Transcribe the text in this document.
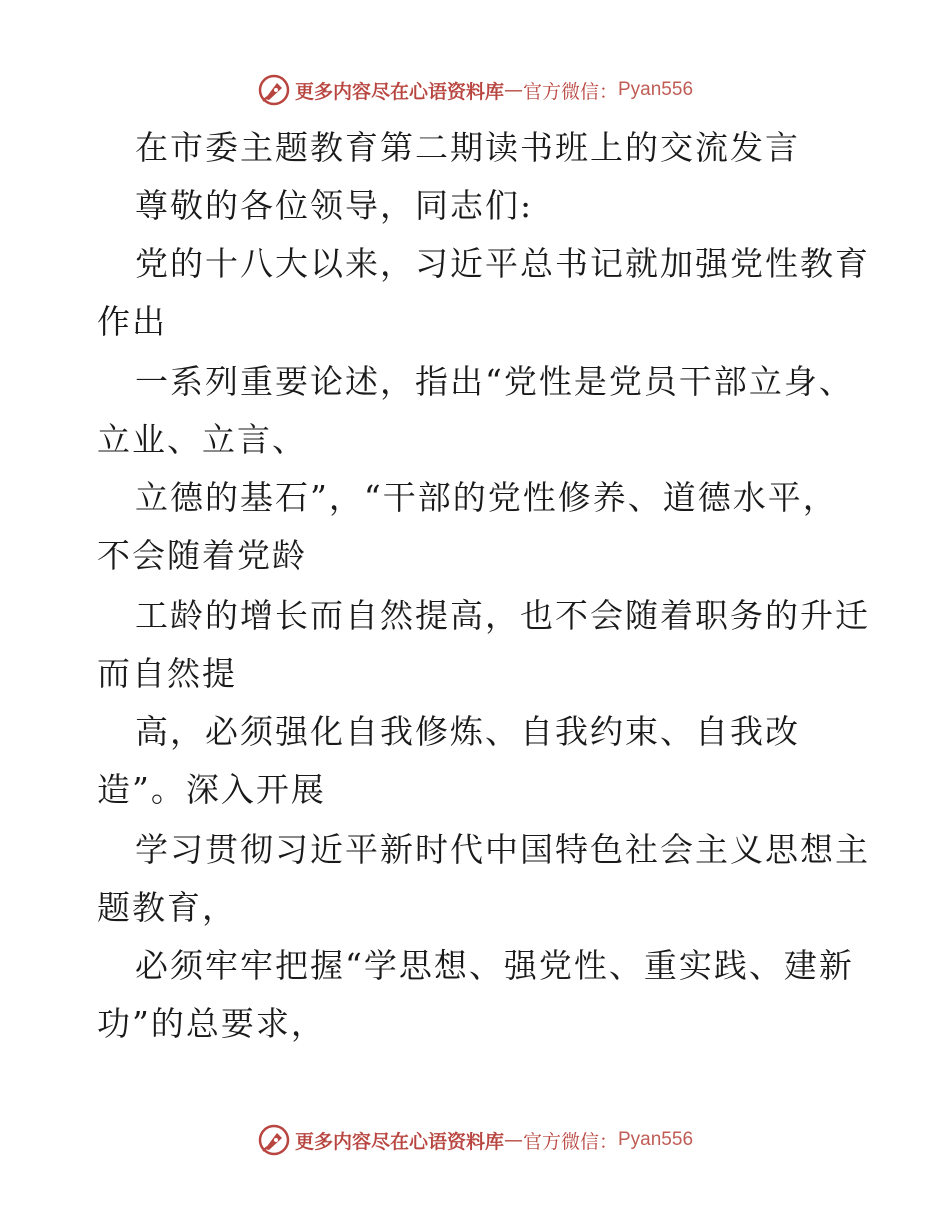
更多内容尽在心语资料库 — 官方微信： Pyan556
在市委主题教育第二期读书班上的交流发言
尊敬的各位领导，同志们:
党的十八大以来，习近平总书记就加强党性教育
作出
一系列重要论述，指出“党性是党员干部立身、
立业、立言、
立德的基石”，“干部的党性修养、道德水平，
不会随着党龄
工龄的增长而自然提高，也不会随着职务的升迁
而自然提
高，必须强化自我修炼、自我约束、自我改
造”。深入开展
学习贯彻习近平新时代中国特色社会主义思想主
题教育，
必须牢牢把握“学思想、强党性、重实践、建新
功”的总要求，
更多内容尽在心语资料库 — 官方微信： Pyan556
